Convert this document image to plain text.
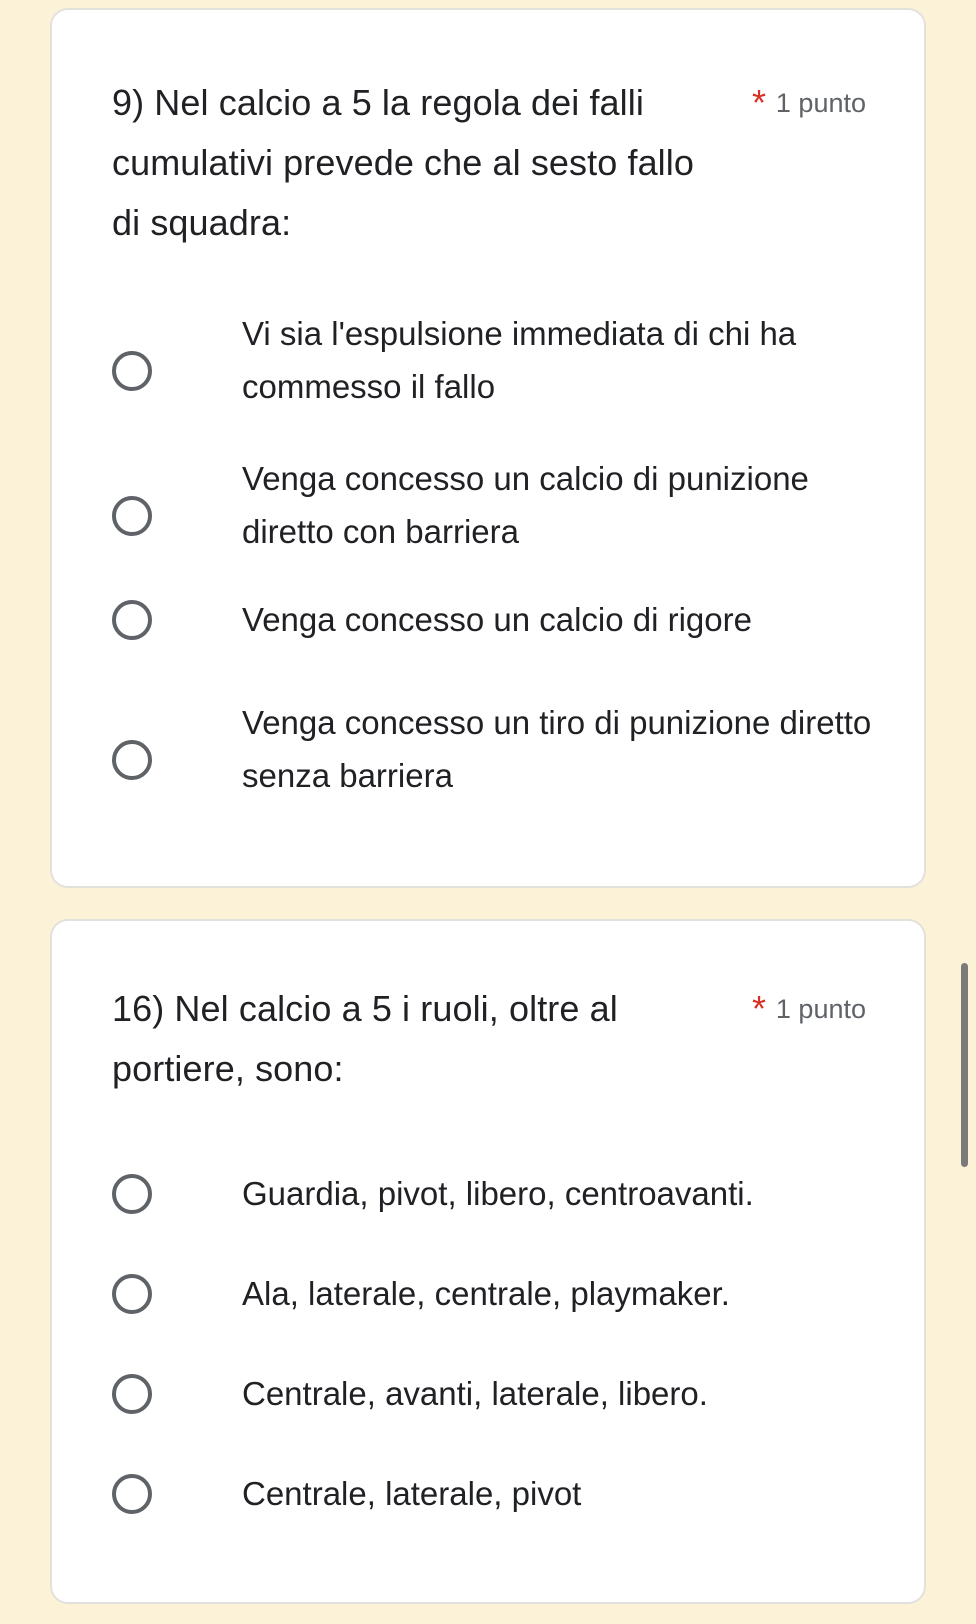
9) Nel calcio a 5 la regola dei falli cumulativi prevede che al sesto fallo di squadra:
* 1 punto
Vi sia l'espulsione immediata di chi ha commesso il fallo
Venga concesso un calcio di punizione diretto con barriera
Venga concesso un calcio di rigore
Venga concesso un tiro di punizione diretto senza barriera
16) Nel calcio a 5 i ruoli, oltre al portiere, sono:
* 1 punto
Guardia, pivot, libero, centroavanti.
Ala, laterale, centrale, playmaker.
Centrale, avanti, laterale, libero.
Centrale, laterale, pivot
